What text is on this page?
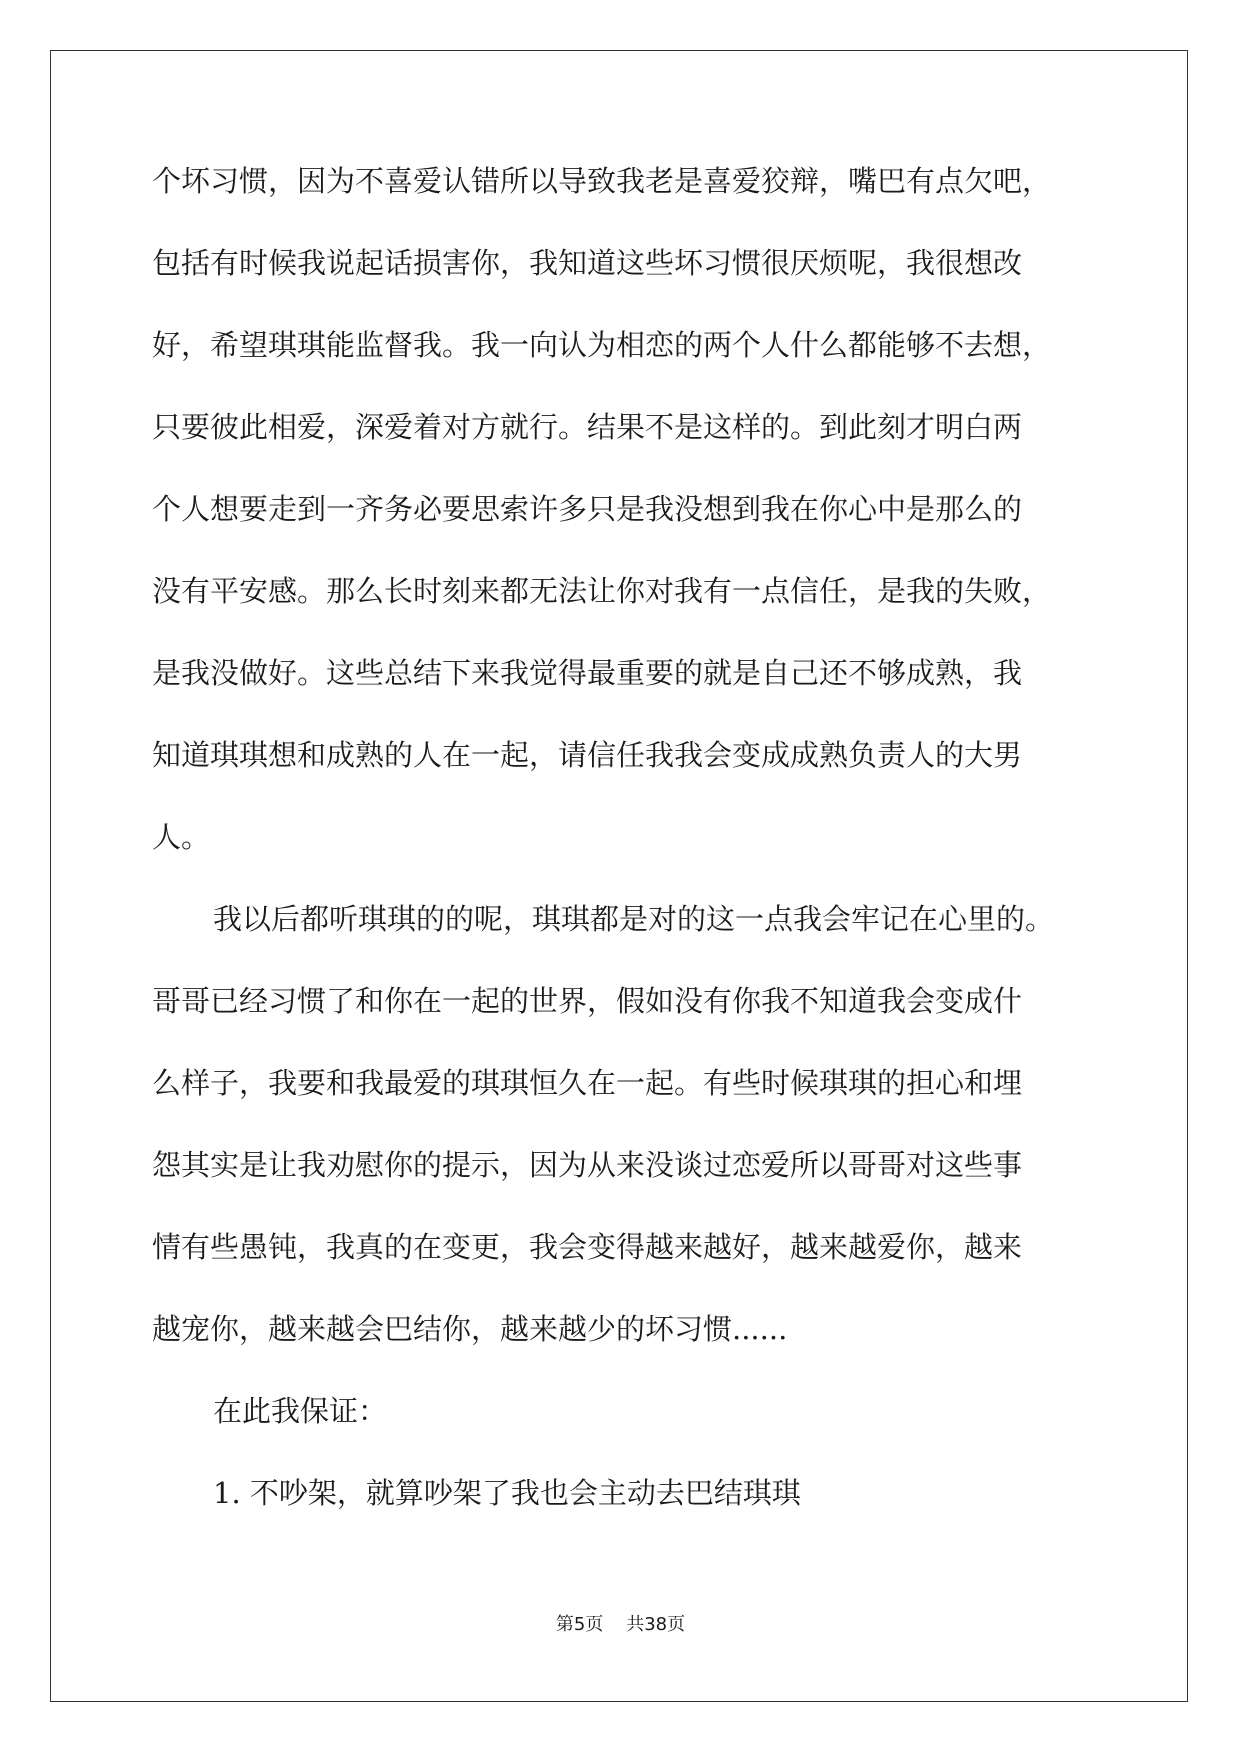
个坏习惯，因为不喜爱认错所以导致我老是喜爱狡辩，嘴巴有点欠吧，
包括有时候我说起话损害你，我知道这些坏习惯很厌烦呢，我很想改
好，希望琪琪能监督我。我一向认为相恋的两个人什么都能够不去想，
只要彼此相爱，深爱着对方就行。结果不是这样的。到此刻才明白两
个人想要走到一齐务必要思索许多只是我没想到我在你心中是那么的
没有平安感。那么长时刻来都无法让你对我有一点信任，是我的失败，
是我没做好。这些总结下来我觉得最重要的就是自己还不够成熟，我
知道琪琪想和成熟的人在一起，请信任我我会变成成熟负责人的大男
人。
我以后都听琪琪的的呢，琪琪都是对的这一点我会牢记在心里的。
哥哥已经习惯了和你在一起的世界，假如没有你我不知道我会变成什
么样子，我要和我最爱的琪琪恒久在一起。有些时候琪琪的担心和埋
怨其实是让我劝慰你的提示，因为从来没谈过恋爱所以哥哥对这些事
情有些愚钝，我真的在变更，我会变得越来越好，越来越爱你，越来
越宠你，越来越会巴结你，越来越少的坏习惯......
在此我保证：
1. 不吵架，就算吵架了我也会主动去巴结琪琪
第5页 共38页
